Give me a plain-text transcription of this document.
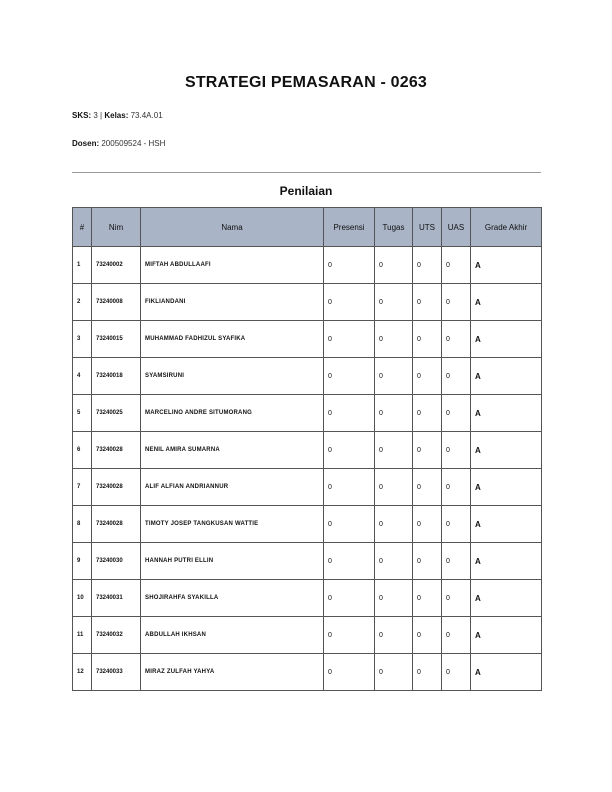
STRATEGI PEMASARAN - 0263
SKS: 3 | Kelas: 73.4A.01
Dosen: 200509524 - HSH
Penilaian
#	Nim	Nama	Presensi	Tugas	UTS	UAS	Grade Akhir
1	73240002	MIFTAH ABDULLAAFI	0	0	0	0	A
2	73240008	FIKLIANDANI	0	0	0	0	A
3	73240015	MUHAMMAD FADHIZUL SYAFIKA	0	0	0	0	A
4	73240018	SYAMSIRUNI	0	0	0	0	A
5	73240025	MARCELINO ANDRE SITUMORANG	0	0	0	0	A
6	73240028	NENIL AMIRA SUMARNA	0	0	0	0	A
7	73240028	ALIF ALFIAN ANDRIANNUR	0	0	0	0	A
8	73240028	TIMOTY JOSEP TANGKUSAN WATTIE	0	0	0	0	A
9	73240030	HANNAH PUTRI ELLIN	0	0	0	0	A
10	73240031	SHOJIRAHFA SYAKILLA	0	0	0	0	A
11	73240032	ABDULLAH IKHSAN	0	0	0	0	A
12	73240033	MIRAZ ZULFAH YAHYA	0	0	0	0	A
